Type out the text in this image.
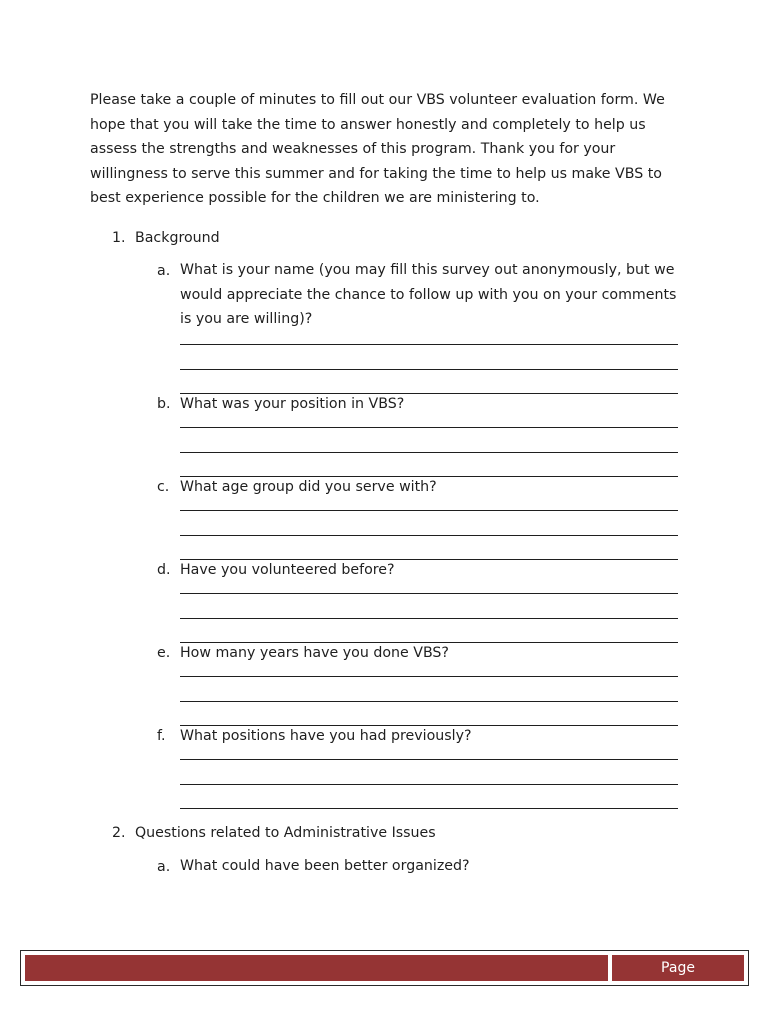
Please take a couple of minutes to fill out our VBS volunteer evaluation form. We
hope that you will take the time to answer honestly and completely to help us
assess the strengths and weaknesses of this program. Thank you for your
willingness to serve this summer and for taking the time to help us make VBS to
best experience possible for the children we are ministering to.
1. Background
a. What is your name (you may fill this survey out anonymously, but we
would appreciate the chance to follow up with you on your comments
is you are willing)?
b. What was your position in VBS?
c. What age group did you serve with?
d. Have you volunteered before?
e. How many years have you done VBS?
f. What positions have you had previously?
2. Questions related to Administrative Issues
a. What could have been better organized?
Page
